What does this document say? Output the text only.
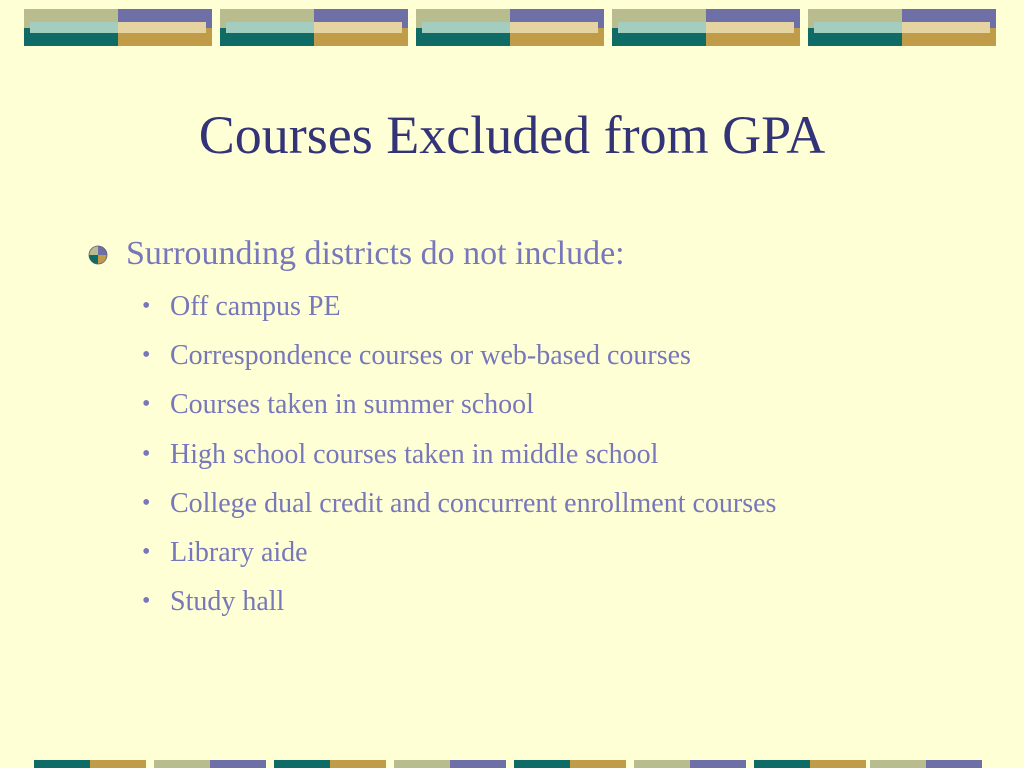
Courses Excluded from GPA
Surrounding districts do not include:
• Off campus PE
• Correspondence courses or web-based courses
• Courses taken in summer school
• High school courses taken in middle school
• College dual credit and concurrent enrollment courses
• Library aide
• Study hall
